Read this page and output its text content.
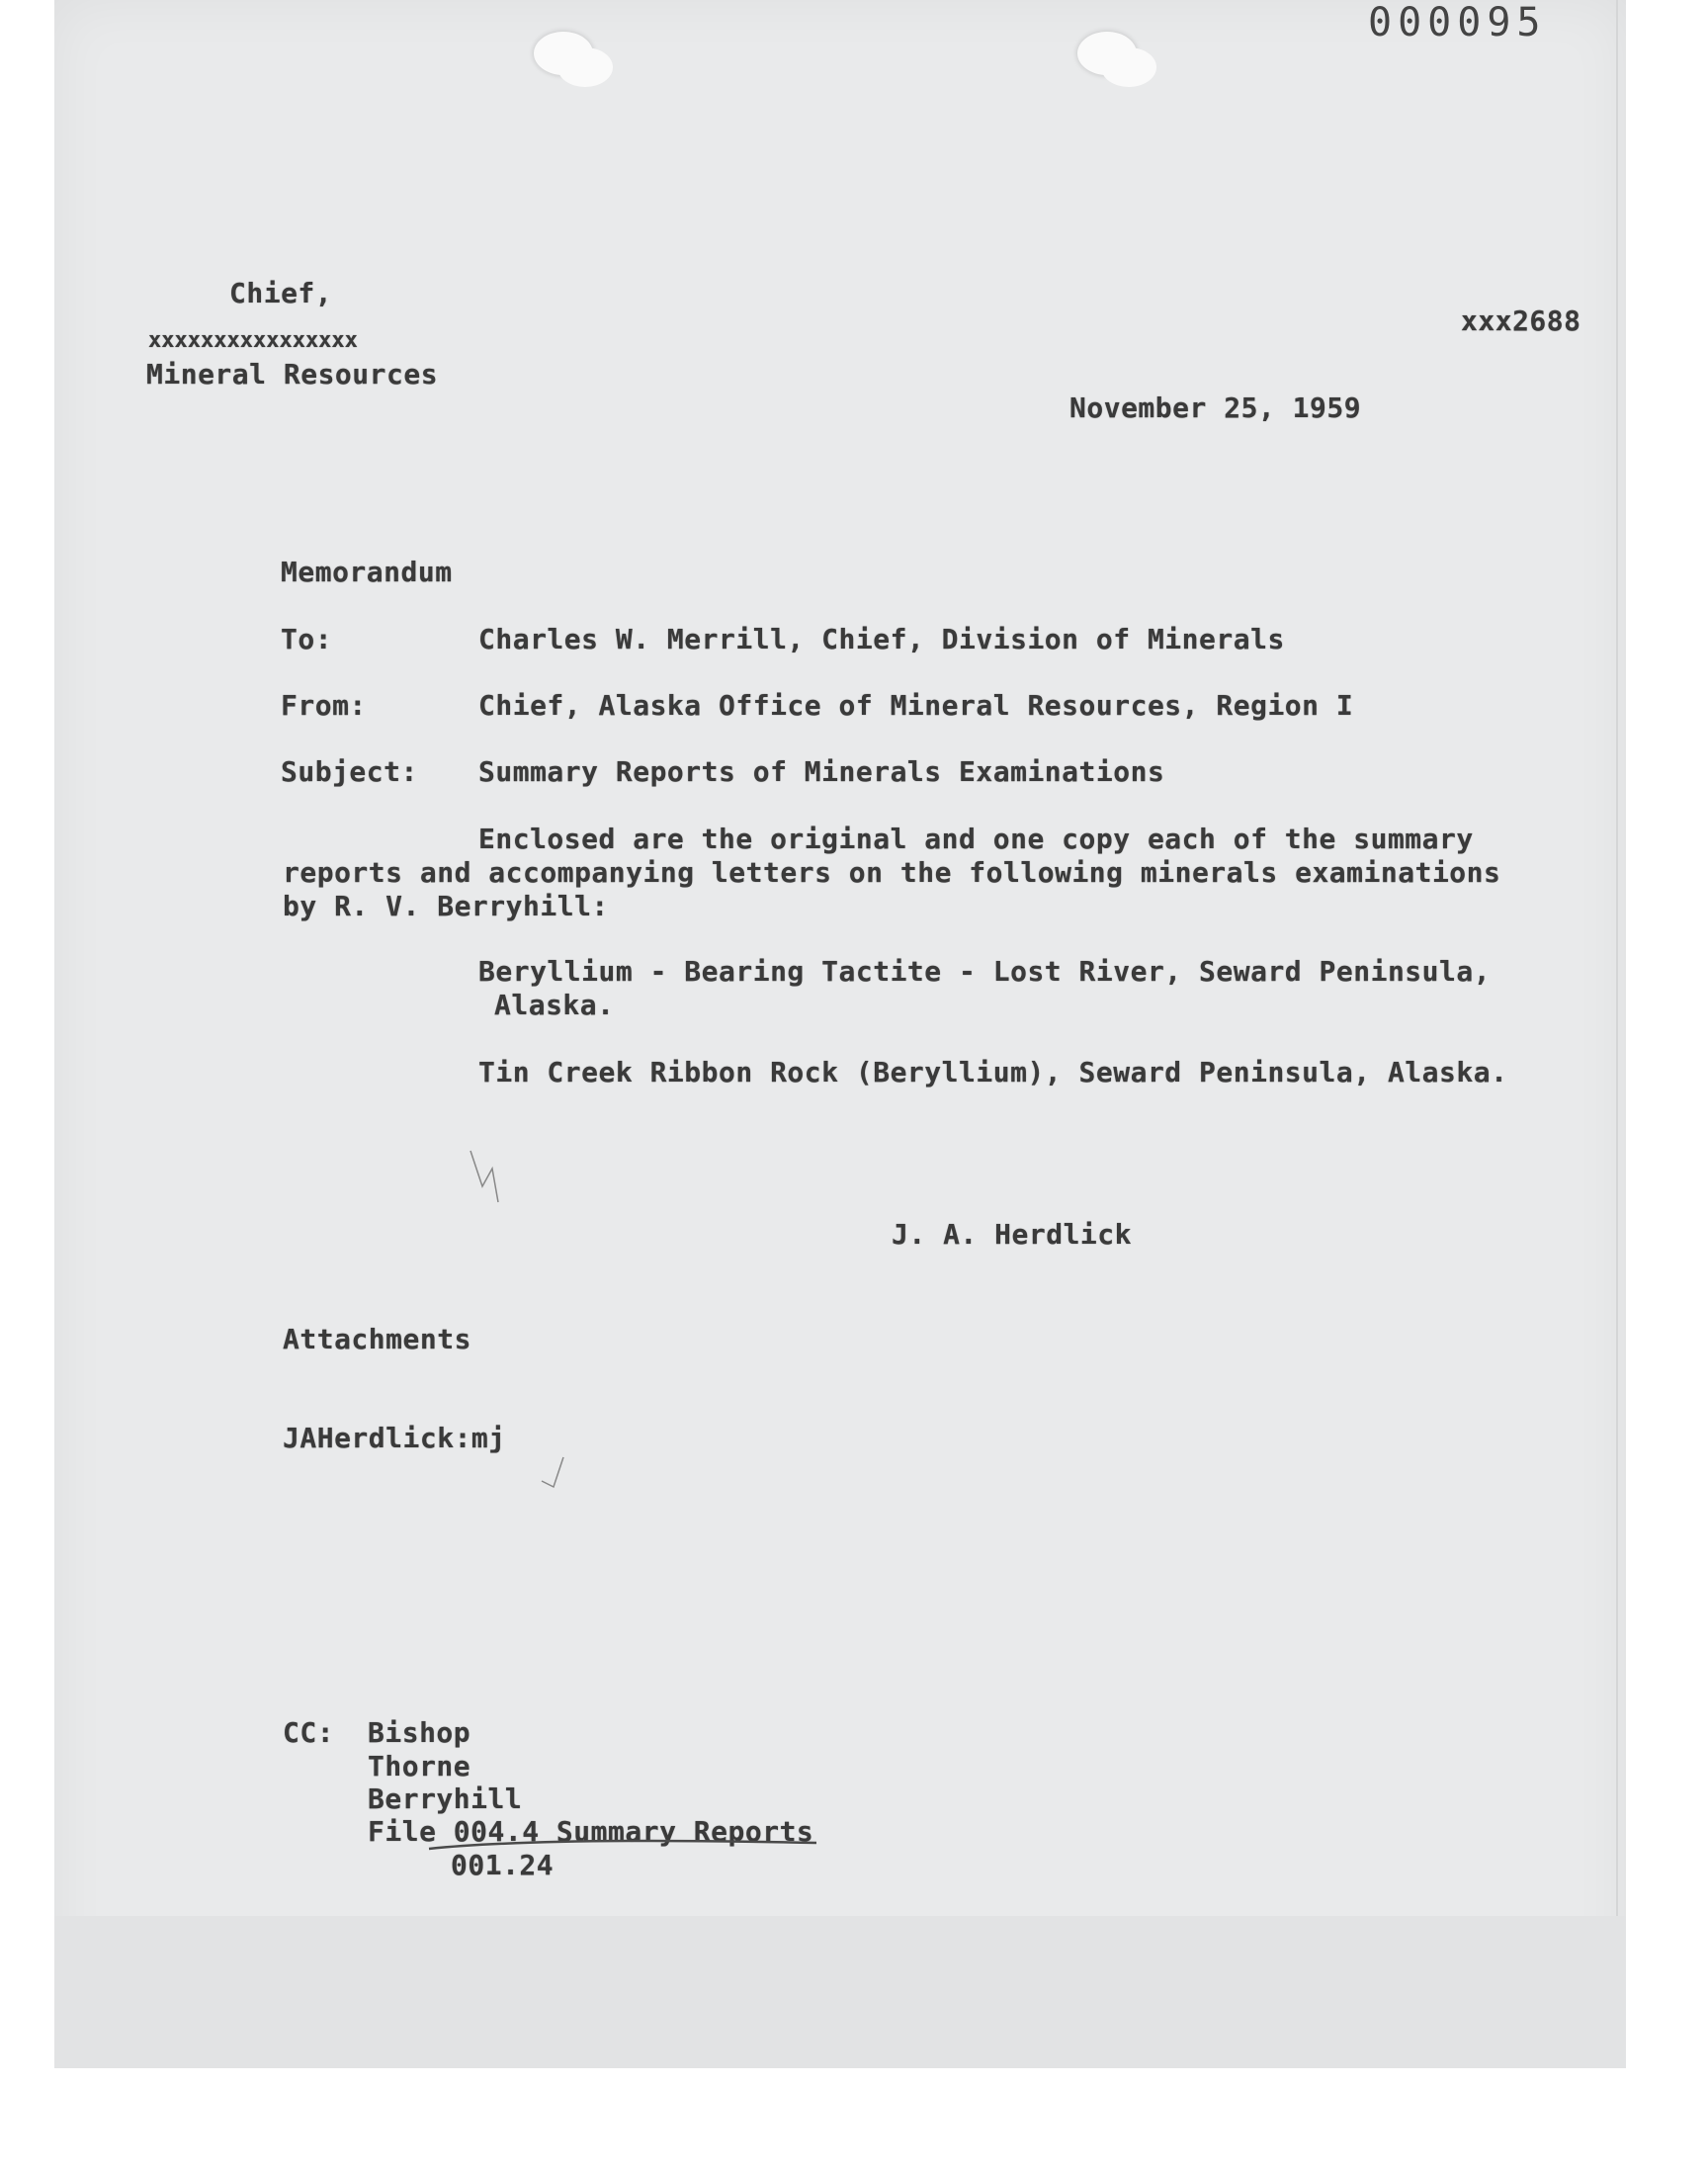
000095
Chief,
xxxxxxxxxxxxxxxx
Mineral Resources
xxx2688
November 25, 1959
Memorandum
To:	Charles W. Merrill, Chief, Division of Minerals
From:	Chief, Alaska Office of Mineral Resources, Region I
Subject: Summary Reports of Minerals Examinations
Enclosed are the original and one copy each of the summary
reports and accompanying letters on the following minerals examinations
by R. V. Berryhill:
Beryllium - Bearing Tactite - Lost River, Seward Peninsula,
Alaska.
Tin Creek Ribbon Rock (Beryllium), Seward Peninsula, Alaska.
J. A. Herdlick
Attachments
JAHerdlick:mj
CC: Bishop
Thorne
Berryhill
File 004.4 Summary Reports
001.24
